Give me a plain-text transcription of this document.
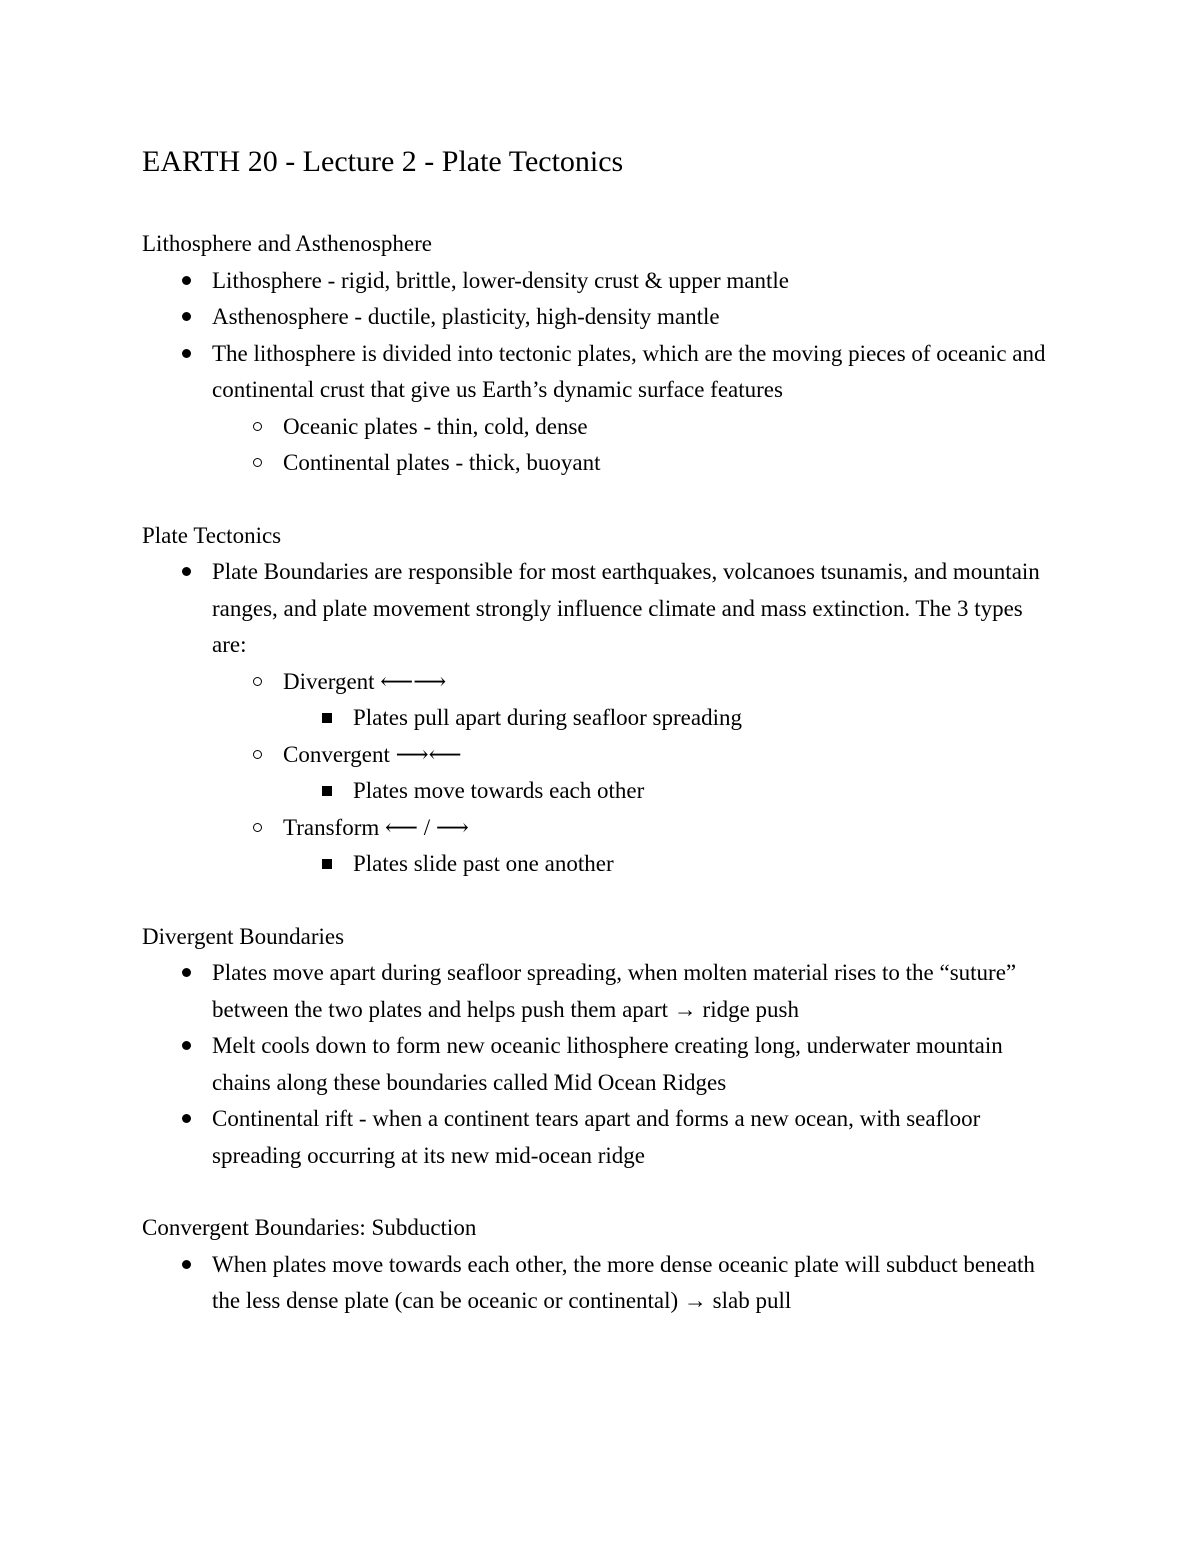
EARTH 20 - Lecture 2 - Plate Tectonics

Lithosphere and Asthenosphere

Lithosphere - rigid, brittle, lower-density crust & upper mantle
Asthenosphere - ductile, plasticity, high-density mantle
The lithosphere is divided into tectonic plates, which are the moving pieces of oceanic and continental crust that give us Earth’s dynamic surface features
Oceanic plates - thin, cold, dense
Continental plates - thick, buoyant

Plate Tectonics

Plate Boundaries are responsible for most earthquakes, volcanoes tsunamis, and mountain ranges, and plate movement strongly influence climate and mass extinction. The 3 types are:
Divergent ⟵⟶
Plates pull apart during seafloor spreading
Convergent ⟶⟵
Plates move towards each other
Transform ⟵ / ⟶
Plates slide past one another

Divergent Boundaries

Plates move apart during seafloor spreading, when molten material rises to the “suture” between the two plates and helps push them apart → ridge push
Melt cools down to form new oceanic lithosphere creating long, underwater mountain chains along these boundaries called Mid Ocean Ridges
Continental rift - when a continent tears apart and forms a new ocean, with seafloor spreading occurring at its new mid-ocean ridge

Convergent Boundaries: Subduction

When plates move towards each other, the more dense oceanic plate will subduct beneath the less dense plate (can be oceanic or continental) → slab pull
